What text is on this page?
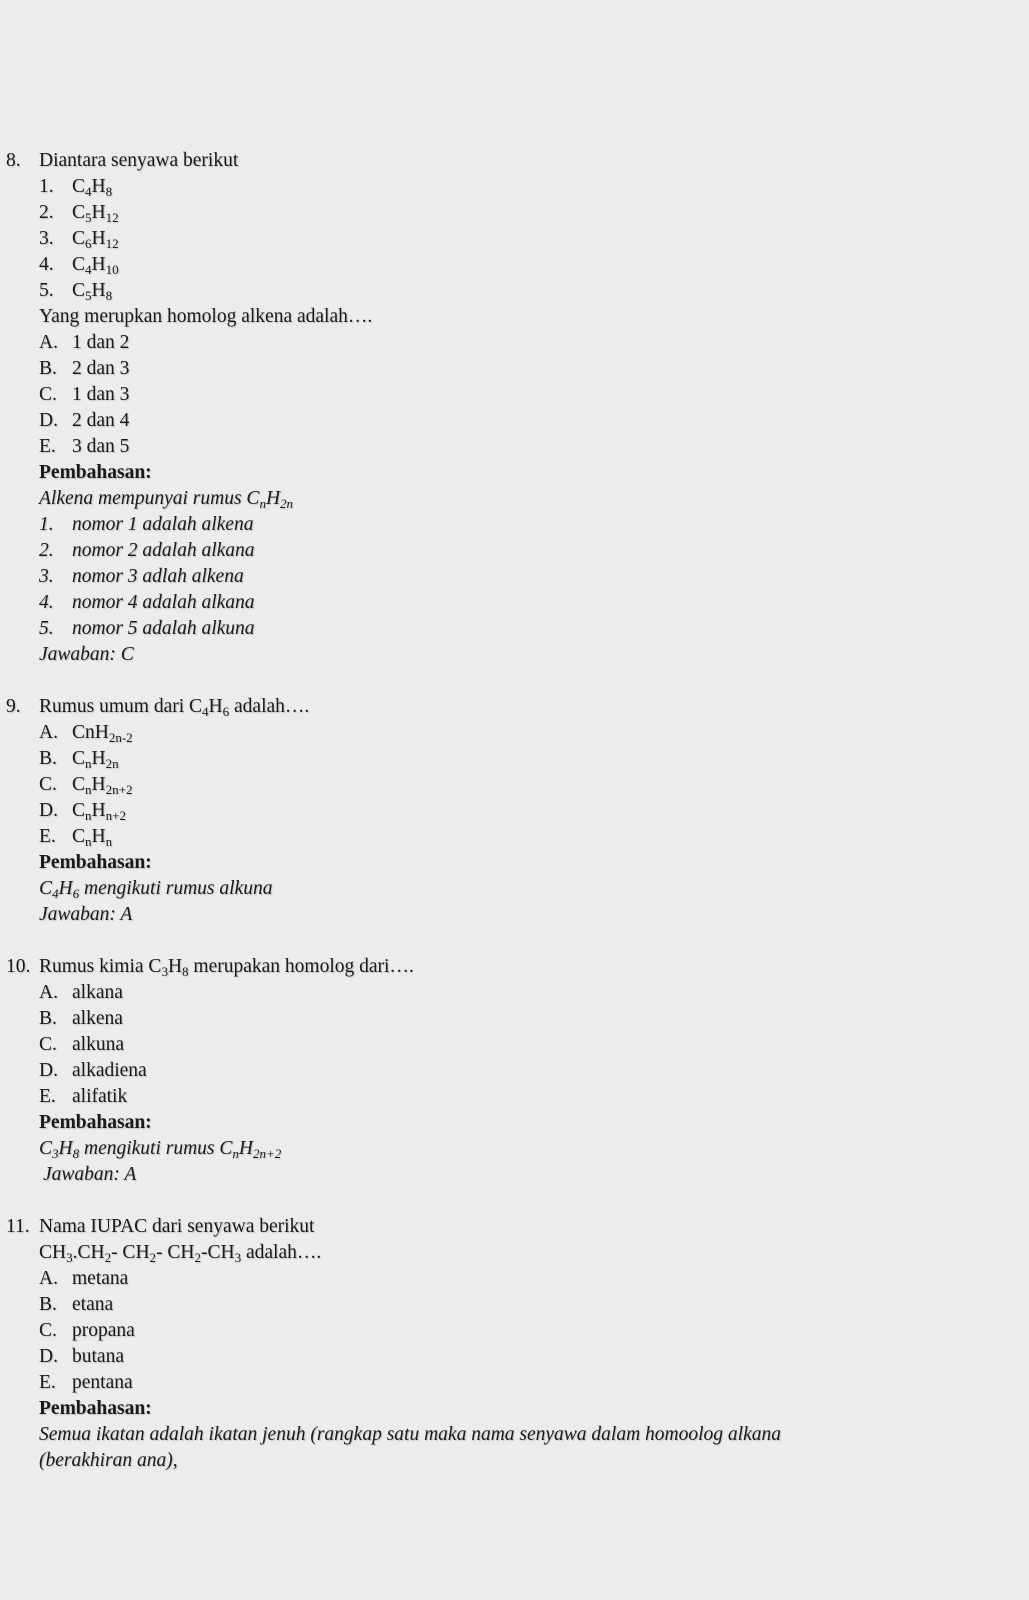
8. Diantara senyawa berikut
1. $C_4H_8$
2. $C_5H_{12}$
3. $C_6H_{12}$
4. $C_4H_{10}$
5. $C_5H_8$
Yang merupkan homolog alkena adalah….
A. 1 dan 2
B. 2 dan 3
C. 1 dan 3
D. 2 dan 4
E. 3 dan 5
Pembahasan:
Alkena mempunyai rumus $C_nH_{2n}$
1. nomor 1 adalah alkena
2. nomor 2 adalah alkana
3. nomor 3 adlah alkena
4. nomor 4 adalah alkana
5. nomor 5 adalah alkuna
Jawaban: C
9. Rumus umum dari $C_4H_6$ adalah….
A. CnH$_{2n-2}$
B. $C_nH_{2n}$
C. $C_nH_{2n+2}$
D. $C_nH_{n+2}$
E. $C_nH_n$
Pembahasan:
$C_4H_6$ mengikuti rumus alkuna
Jawaban: A
10. Rumus kimia $C_3H_8$ merupakan homolog dari….
A. alkana
B. alkena
C. alkuna
D. alkadiena
E. alifatik
Pembahasan:
$C_3H_8$ mengikuti rumus $C_nH_{2n+2}$
Jawaban: A
11. Nama IUPAC dari senyawa berikut
$CH_3.CH_2-$ $CH_2-$ $CH_2-CH_3$ adalah….
A. metana
B. etana
C. propana
D. butana
E. pentana
Pembahasan:
Semua ikatan adalah ikatan jenuh (rangkap satu maka nama senyawa dalam homoolog alkana
(berakhiran ana),
